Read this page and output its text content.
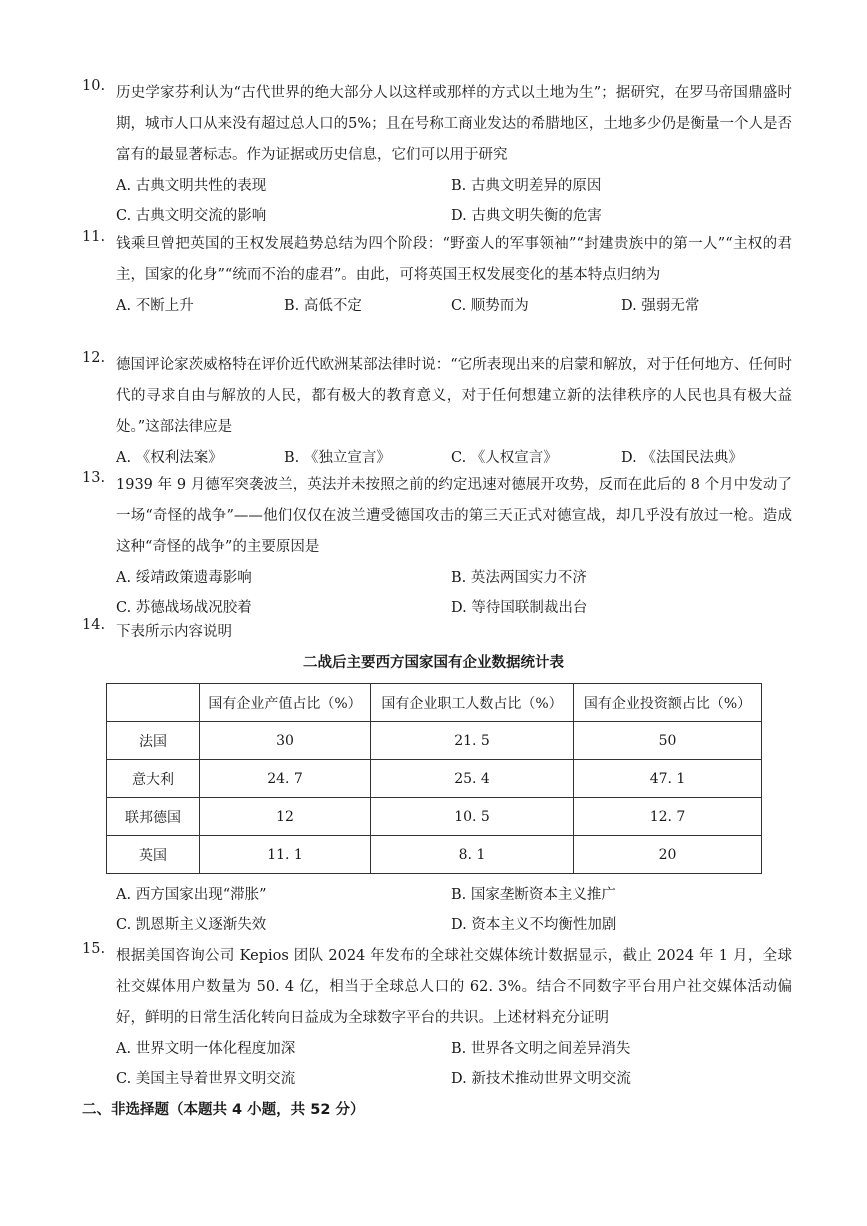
10. 历史学家芬利认为“古代世界的绝大部分人以这样或那样的方式以土地为生”；据研究，在罗马帝国鼎盛时期，城市人口从来没有超过总人口的5%；且在号称工商业发达的希腊地区，土地多少仍是衡量一个人是否富有的最显著标志。作为证据或历史信息，它们可以用于研究
A. 古典文明共性的表现	B. 古典文明差异的原因
C. 古典文明交流的影响	D. 古典文明失衡的危害
11. 钱乘旦曾把英国的王权发展趋势总结为四个阶段：“野蛮人的军事领袖”“封建贵族中的第一人”“主权的君主，国家的化身”“统而不治的虚君”。由此，可将英国王权发展变化的基本特点归纳为
A. 不断上升	B. 高低不定	C. 顺势而为	D. 强弱无常
12. 德国评论家茨威格特在评价近代欧洲某部法律时说：“它所表现出来的启蒙和解放，对于任何地方、任何时代的寻求自由与解放的人民，都有极大的教育意义，对于任何想建立新的法律秩序的人民也具有极大益处。”这部法律应是
A. 《权利法案》	B. 《独立宣言》	C. 《人权宣言》	D. 《法国民法典》
13. 1939 年 9 月德军突袭波兰，英法并未按照之前的约定迅速对德展开攻势，反而在此后的 8 个月中发动了一场“奇怪的战争”——他们仅仅在波兰遭受德国攻击的第三天正式对德宣战，却几乎没有放过一枪。造成这种“奇怪的战争”的主要原因是
A. 绥靖政策遗毒影响	B. 英法两国实力不济
C. 苏德战场战况胶着	D. 等待国联制裁出台
14. 下表所示内容说明
二战后主要西方国家国有企业数据统计表
	国有企业产值占比（%）	国有企业职工人数占比（%）	国有企业投资额占比（%）
法国	30	21. 5	50
意大利	24. 7	25. 4	47. 1
联邦德国	12	10. 5	12. 7
英国	11. 1	8. 1	20
A. 西方国家出现“滞胀”	B. 国家垄断资本主义推广
C. 凯恩斯主义逐渐失效	D. 资本主义不均衡性加剧
15. 根据美国咨询公司 Kepios 团队 2024 年发布的全球社交媒体统计数据显示，截止 2024 年 1 月，全球社交媒体用户数量为 50. 4 亿，相当于全球总人口的 62. 3%。结合不同数字平台用户社交媒体活动偏好，鲜明的日常生活化转向日益成为全球数字平台的共识。上述材料充分证明
A. 世界文明一体化程度加深	B. 世界各文明之间差异消失
C. 美国主导着世界文明交流	D. 新技术推动世界文明交流
二、非选择题（本题共 4 小题，共 52 分）
